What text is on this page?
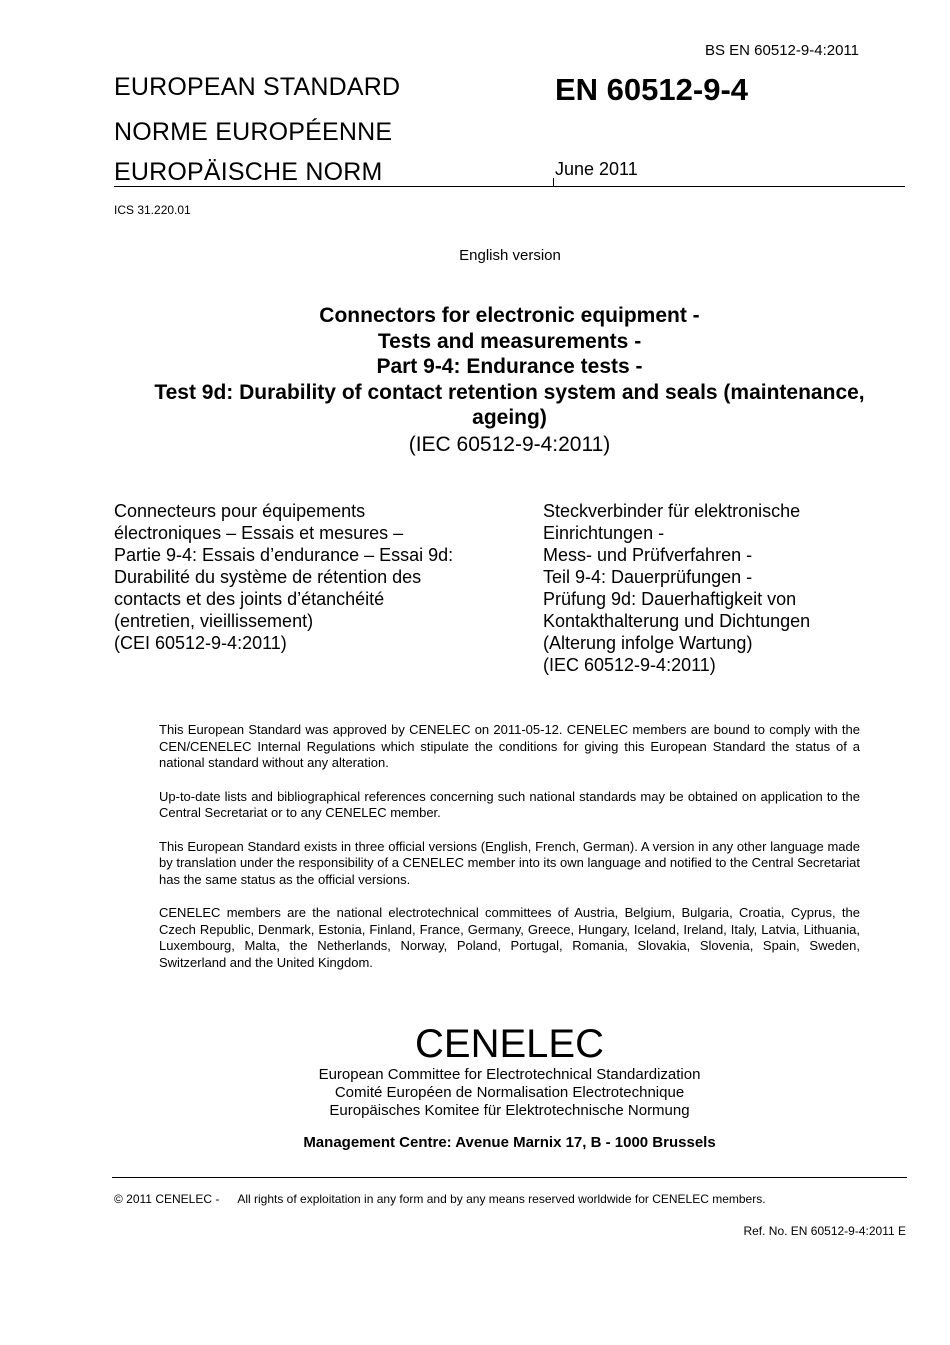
BS EN 60512-9-4:2011
EUROPEAN STANDARD
NORME EUROPÉENNE
EUROPÄISCHE NORM
EN 60512-9-4
June 2011
ICS 31.220.01
English version
Connectors for electronic equipment -
Tests and measurements -
Part 9-4: Endurance tests -
Test 9d: Durability of contact retention system and seals (maintenance,
ageing)
(IEC 60512-9-4:2011)
Connecteurs pour équipements
électroniques – Essais et mesures –
Partie 9-4: Essais d’endurance – Essai 9d:
Durabilité du système de rétention des
contacts et des joints d’étanchéité
(entretien, vieillissement)
(CEI 60512-9-4:2011)
Steckverbinder für elektronische
Einrichtungen -
Mess- und Prüfverfahren -
Teil 9-4: Dauerprüfungen -
Prüfung 9d: Dauerhaftigkeit von
Kontakthalterung und Dichtungen
(Alterung infolge Wartung)
(IEC 60512-9-4:2011)

This European Standard was approved by CENELEC on 2011-05-12. CENELEC members are bound to comply with the CEN/CENELEC Internal Regulations which stipulate the conditions for giving this European Standard the status of a national standard without any alteration.

Up-to-date lists and bibliographical references concerning such national standards may be obtained on application to the Central Secretariat or to any CENELEC member.

This European Standard exists in three official versions (English, French, German). A version in any other language made by translation under the responsibility of a CENELEC member into its own language and notified to the Central Secretariat has the same status as the official versions.

CENELEC members are the national electrotechnical committees of Austria, Belgium, Bulgaria, Croatia, Cyprus, the Czech Republic, Denmark, Estonia, Finland, France, Germany, Greece, Hungary, Iceland, Ireland, Italy, Latvia, Lithuania, Luxembourg, Malta, the Netherlands, Norway, Poland, Portugal, Romania, Slovakia, Slovenia, Spain, Sweden, Switzerland and the United Kingdom.

CENELEC
European Committee for Electrotechnical Standardization
Comité Européen de Normalisation Electrotechnique
Europäisches Komitee für Elektrotechnische Normung
Management Centre: Avenue Marnix 17, B - 1000 Brussels
© 2011 CENELEC - All rights of exploitation in any form and by any means reserved worldwide for CENELEC members.
Ref. No. EN 60512-9-4:2011 E
